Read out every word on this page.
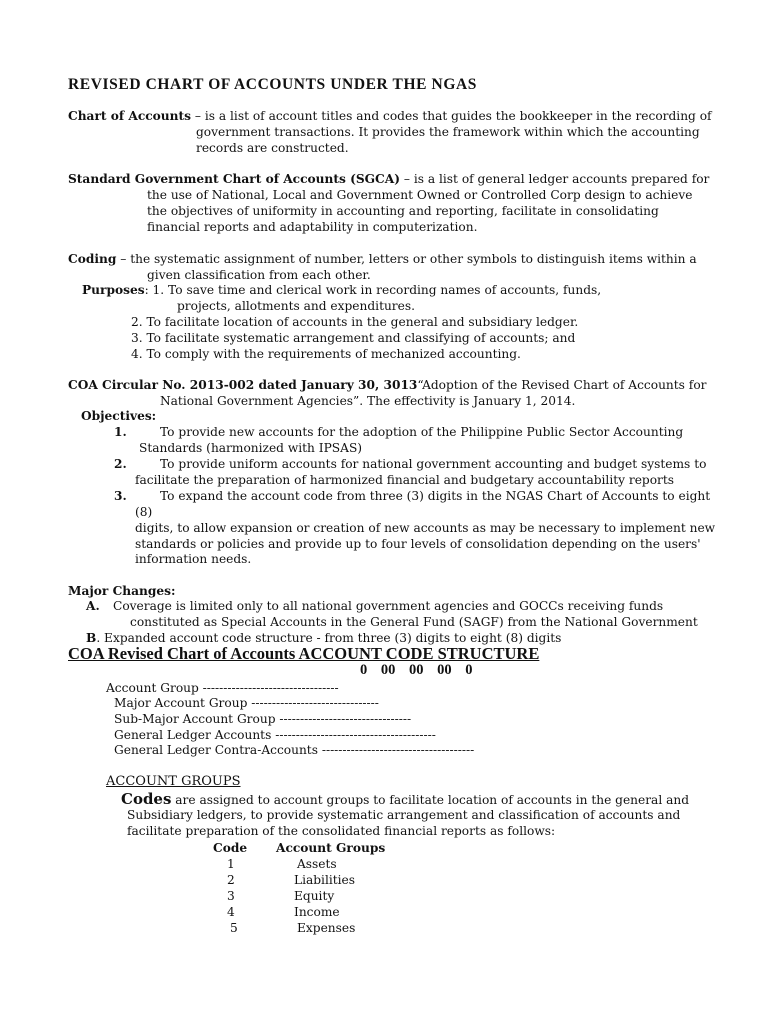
REVISED CHART OF ACCOUNTS UNDER THE NGAS
Chart of Accounts – is a list of account titles and codes that guides the bookkeeper in the recording of
government transactions. It provides the framework within which the accounting
records are constructed.
Standard Government Chart of Accounts (SGCA) – is a list of general ledger accounts prepared for
the use of National, Local and Government Owned or Controlled Corp design to achieve
the objectives of uniformity in accounting and reporting, facilitate in consolidating
financial reports and adaptability in computerization.
Coding – the systematic assignment of number, letters or other symbols to distinguish items within a
given classification from each other.
Purposes: 1. To save time and clerical work in recording names of accounts, funds,
projects, allotments and expenditures.
2. To facilitate location of accounts in the general and subsidiary ledger.
3. To facilitate systematic arrangement and classifying of accounts; and
4. To comply with the requirements of mechanized accounting.
COA Circular No. 2013-002 dated January 30, 3013“Adoption of the Revised Chart of Accounts for
National Government Agencies”. The effectivity is January 1, 2014.
Objectives:
1.	To provide new accounts for the adoption of the Philippine Public Sector Accounting
Standards (harmonized with IPSAS)
2.	To provide uniform accounts for national government accounting and budget systems to
facilitate the preparation of harmonized financial and budgetary accountability reports
3.	To expand the account code from three (3) digits in the NGAS Chart of Accounts to eight
(8)
digits, to allow expansion or creation of new accounts as may be necessary to implement new
standards or policies and provide up to four levels of consolidation depending on the users'
information needs.
Major Changes:
A. Coverage is limited only to all national government agencies and GOCCs receiving funds
constituted as Special Accounts in the General Fund (SAGF) from the National Government
B. Expanded account code structure - from three (3) digits to eight (8) digits
COA Revised Chart of Accounts ACCOUNT CODE STRUCTURE
0 00 00 00 0
Account Group ---------------------------------
Major Account Group -------------------------------
Sub-Major Account Group --------------------------------
General Ledger Accounts ---------------------------------------
General Ledger Contra-Accounts -------------------------------------
ACCOUNT GROUPS
Codes are assigned to account groups to facilitate location of accounts in the general and
Subsidiary ledgers, to provide systematic arrangement and classification of accounts and
facilitate preparation of the consolidated financial reports as follows:
Code Account Groups
1	Assets
2	Liabilities
3	Equity
4	Income
5	Expenses
